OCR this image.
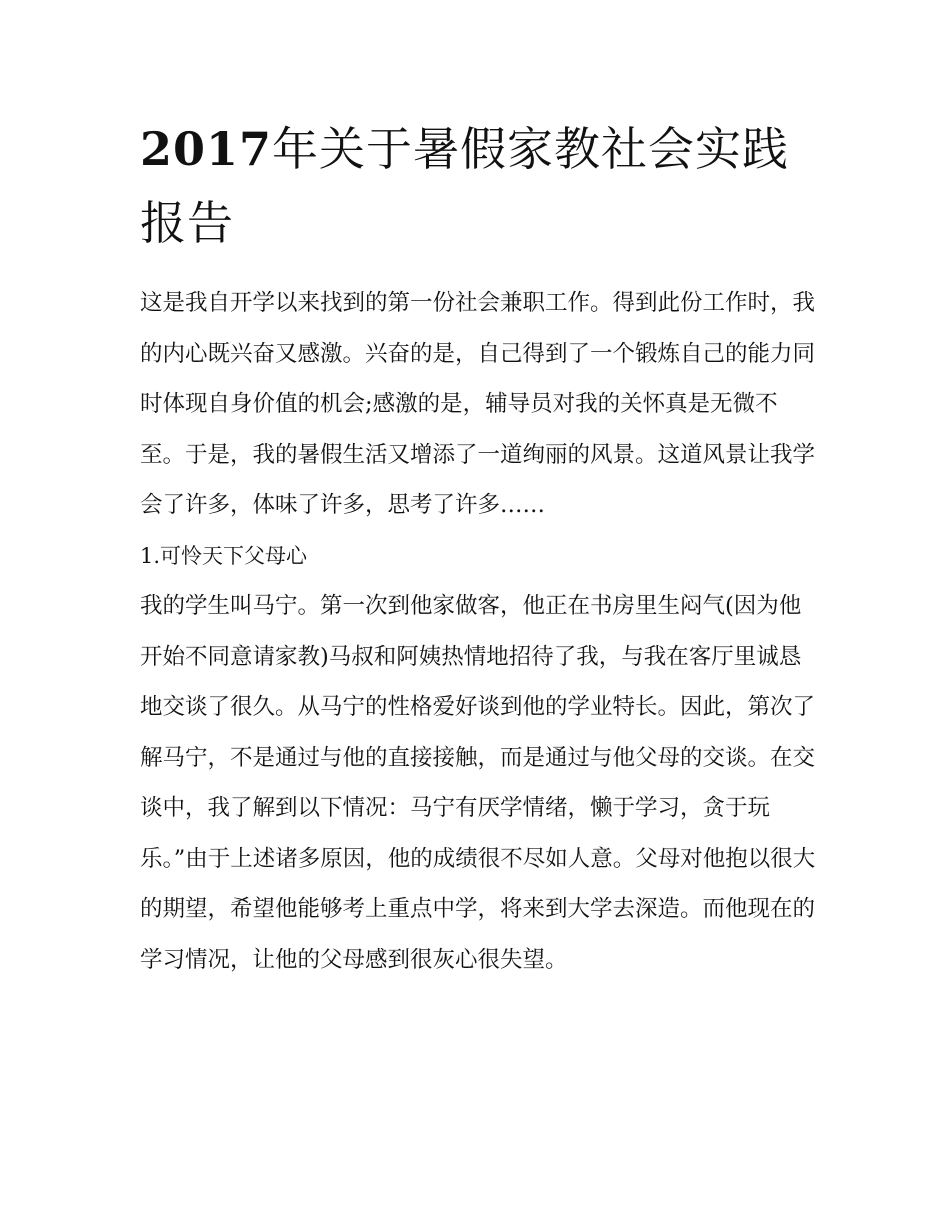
2017年关于暑假家教社会实践报告

这是我自开学以来找到的第一份社会兼职工作。得到此份工作时，我的内心既兴奋又感激。兴奋的是，自己得到了一个锻炼自己的能力同时体现自身价值的机会;感激的是，辅导员对我的关怀真是无微不至。于是，我的暑假生活又增添了一道绚丽的风景。这道风景让我学会了许多，体味了许多，思考了许多……

1.可怜天下父母心

我的学生叫马宁。第一次到他家做客，他正在书房里生闷气(因为他开始不同意请家教)马叔和阿姨热情地招待了我，与我在客厅里诚恳地交谈了很久。从马宁的性格爱好谈到他的学业特长。因此，第次了解马宁，不是通过与他的直接接触，而是通过与他父母的交谈。在交谈中，我了解到以下情况：马宁有厌学情绪，懒于学习，贪于玩乐。”由于上述诸多原因，他的成绩很不尽如人意。父母对他抱以很大的期望，希望他能够考上重点中学，将来到大学去深造。而他现在的学习情况，让他的父母感到很灰心很失望。
